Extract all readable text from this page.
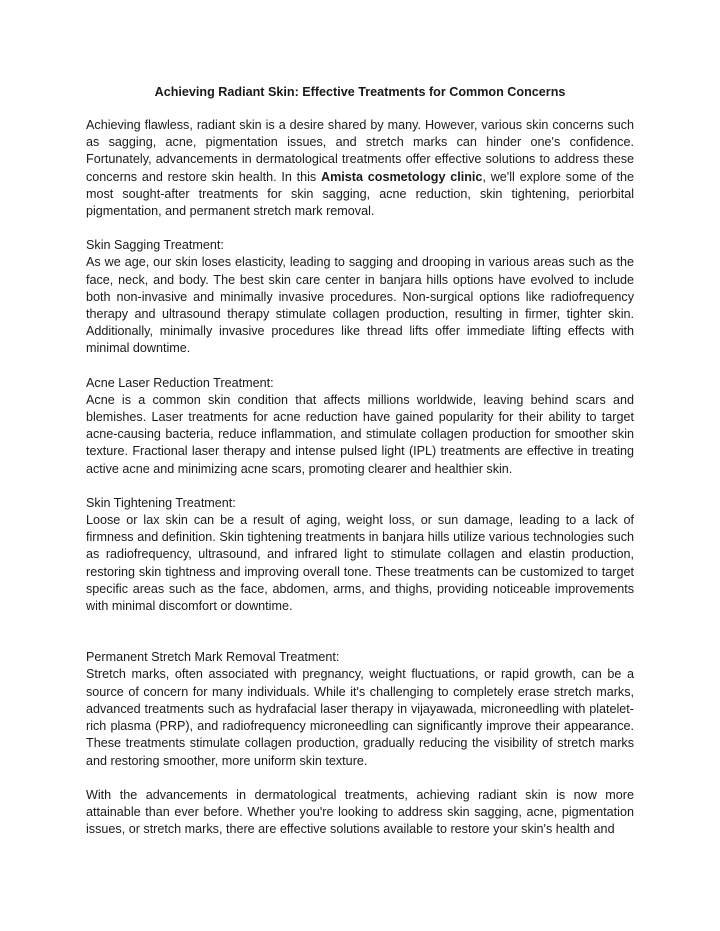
Achieving Radiant Skin: Effective Treatments for Common Concerns

Achieving flawless, radiant skin is a desire shared by many. However, various skin concerns such as sagging, acne, pigmentation issues, and stretch marks can hinder one's confidence. Fortunately, advancements in dermatological treatments offer effective solutions to address these concerns and restore skin health. In this Amista cosmetology clinic, we'll explore some of the most sought-after treatments for skin sagging, acne reduction, skin tightening, periorbital pigmentation, and permanent stretch mark removal.

Skin Sagging Treatment:
As we age, our skin loses elasticity, leading to sagging and drooping in various areas such as the face, neck, and body. The best skin care center in banjara hills options have evolved to include both non-invasive and minimally invasive procedures. Non-surgical options like radiofrequency therapy and ultrasound therapy stimulate collagen production, resulting in firmer, tighter skin. Additionally, minimally invasive procedures like thread lifts offer immediate lifting effects with minimal downtime.

Acne Laser Reduction Treatment:
Acne is a common skin condition that affects millions worldwide, leaving behind scars and blemishes. Laser treatments for acne reduction have gained popularity for their ability to target acne-causing bacteria, reduce inflammation, and stimulate collagen production for smoother skin texture. Fractional laser therapy and intense pulsed light (IPL) treatments are effective in treating active acne and minimizing acne scars, promoting clearer and healthier skin.

Skin Tightening Treatment:
Loose or lax skin can be a result of aging, weight loss, or sun damage, leading to a lack of firmness and definition. Skin tightening treatments in banjara hills utilize various technologies such as radiofrequency, ultrasound, and infrared light to stimulate collagen and elastin production, restoring skin tightness and improving overall tone. These treatments can be customized to target specific areas such as the face, abdomen, arms, and thighs, providing noticeable improvements with minimal discomfort or downtime.

Permanent Stretch Mark Removal Treatment:
Stretch marks, often associated with pregnancy, weight fluctuations, or rapid growth, can be a source of concern for many individuals. While it's challenging to completely erase stretch marks, advanced treatments such as hydrafacial laser therapy in vijayawada, microneedling with platelet-rich plasma (PRP), and radiofrequency microneedling can significantly improve their appearance. These treatments stimulate collagen production, gradually reducing the visibility of stretch marks and restoring smoother, more uniform skin texture.

With the advancements in dermatological treatments, achieving radiant skin is now more attainable than ever before. Whether you're looking to address skin sagging, acne, pigmentation issues, or stretch marks, there are effective solutions available to restore your skin's health and
